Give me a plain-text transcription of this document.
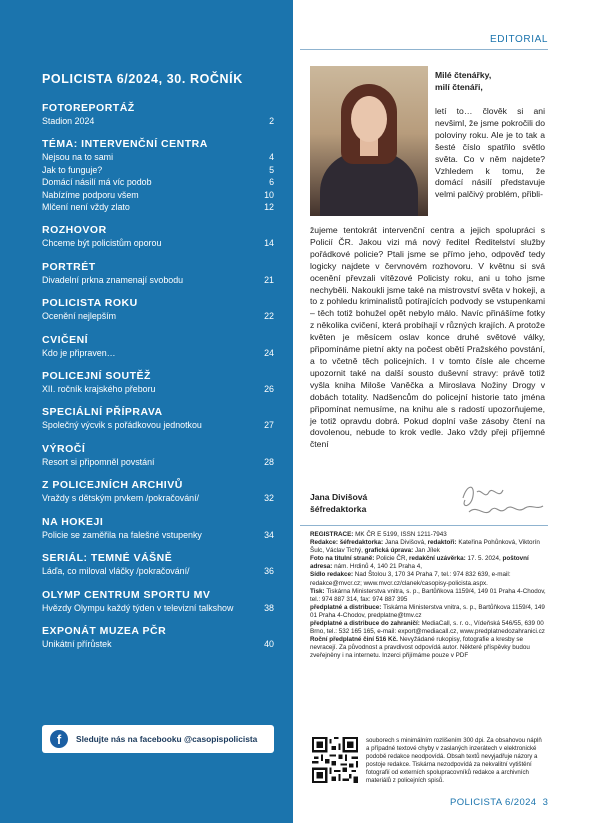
POLICISTA 6/2024, 30. ROČNÍK
FOTOREPORTÁŽ
Stadion 2024	2
TÉMA: INTERVENČNÍ CENTRA
Nejsou na to sami	4
Jak to funguje?	5
Domácí násilí má víc podob	6
Nabízíme podporu všem	10
Mlčení není vždy zlato	12
ROZHOVOR
Chceme být policistům oporou	14
PORTRÉT
Divadelní prkna znamenají svobodu	21
POLICISTA ROKU
Ocenění nejlepším	22
CVIČENÍ
Kdo je připraven…	24
POLICEJNÍ SOUTĚŽ
XII. ročník krajského přeboru	26
SPECIÁLNÍ PŘÍPRAVA
Společný výcvik s pořádkovou jednotkou	27
VÝROČÍ
Resort si připomněl povstání	28
Z POLICEJNÍCH ARCHIVŮ
Vraždy s dětským prvkem /pokračování/	32
NA HOKEJI
Policie se zaměřila na falešné vstupenky	34
SERIÁL: TEMNÉ VÁŠNĚ
Láďa, co miloval vláčky /pokračování/	36
OLYMP CENTRUM SPORTU MV
Hvězdy Olympu každý týden v televizní talkshow	38
EXPONÁT MUZEA PČR
Unikátní přírůstek	40
f	Sledujte nás na facebooku @casopispolicista
EDITORIAL
Milé čtenářky,
milí čtenáři,
letí to… člověk si ani nevšiml, že jsme pokročili do poloviny roku. Ale je to tak a šesté číslo spatřilo světlo světa. Co v něm najdete? Vzhledem k tomu, že domácí násilí představuje velmi palčivý problém, přibli-
žujeme tentokrát intervenční centra a jejich spolupráci s Policií ČR. Jakou vizi má nový ředitel Ředitelství služby pořádkové policie? Ptali jsme se přímo jeho, odpověď tedy logicky najdete v červnovém rozhovoru. V květnu si svá ocenění převzali vítězové Policisty roku, ani u toho jsme nechyběli. Nakoukli jsme také na mistrovství světa v hokeji, a to z pohledu kriminalistů potírajících podvody se vstupenkami – těch totiž bohužel opět nebylo málo. Navíc přinášíme fotky z několika cvičení, která probíhají v různých krajích. A protože květen je měsícem oslav konce druhé světové války, připomínáme pietní akty na počest obětí Pražského povstání, a to včetně těch policejních. I v tomto čísle ale chceme upozornit také na další sousto duševní stravy: právě totiž vyšla kniha Miloše Vaněčka a Miroslava Nožiny Drogy v dobách totality. Nadšencům do policejní historie tato jména připomínat nemusíme, na knihu ale s radostí upozorňujeme, je totiž opravdu dobrá. Pokud doplní vaše zásoby čtení na dovolenou, nebude to krok vedle. Jako vždy přeji příjemné čtení
Jana Divišová
šéfredaktorka

REGISTRACE: MK ČR E 5199, ISSN 1211-7943

Redakce: šéfredaktorka: Jana Divišová, redaktoři: Kateřina Pohůnková, Viktorín Šulc, Václav Tichý, grafická úprava: Jan Jílek

Foto na titulní straně: Policie ČR, redakční uzávěrka: 17. 5. 2024, poštovní adresa: nám. Hrdinů 4, 140 21 Praha 4,

Sídlo redakce: Nad Štolou 3, 170 34 Praha 7, tel.: 974 832 639, e-mail: redakce@mvcr.cz; www.mvcr.cz/clanek/casopisy-policista.aspx.

Tisk: Tiskárna Ministerstva vnitra, s. p., Bartůňkova 1159/4, 149 01 Praha 4-Chodov, tel.: 974 887 314, fax: 974 887 395

předplatné a distribuce: Tiskárna Ministerstva vnitra, s. p., Bartůňkova 1159/4, 149 01 Praha 4-Chodov, predplatne@tmv.cz

předplatné a distribuce do zahraničí: MediaCall, s. r. o., Vídeňská 546/55, 639 00 Brno, tel.: 532 165 165, e-mail: export@mediacall.cz, www.predplatnedozahranici.cz

Roční předplatné činí 516 Kč. Nevyžádané rukopisy, fotografie a kresby se nevracejí. Za původnost a pravdivost odpovídá autor. Některé příspěvky budou zveřejněny i na internetu. Inzerci přijímáme pouze v PDF

souborech s minimálním rozlišením 300 dpi. Za obsahovou náplň a případné textové chyby v zaslaných inzerátech v elektronické podobě redakce neodpovídá. Obsah textů nevyjadřuje názory a postoje redakce. Tiskárna nezodpovídá za nekvalitní vytištění fotografií od externích spolupracovníků redakce a archivních materiálů z policejních spisů.
POLICISTA 6/2024 3
